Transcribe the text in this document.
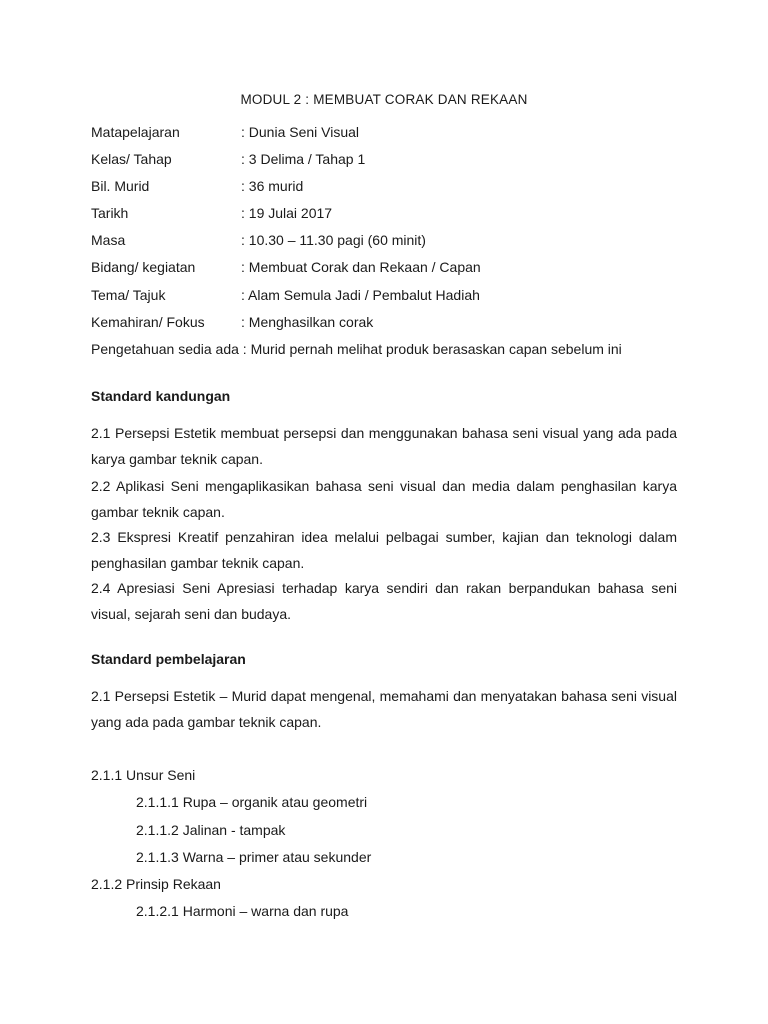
MODUL 2 : MEMBUAT CORAK DAN REKAAN
Matapelajaran	: Dunia Seni Visual
Kelas/ Tahap	: 3 Delima / Tahap 1
Bil. Murid	: 36 murid
Tarikh	: 19 Julai 2017
Masa	: 10.30 – 11.30 pagi (60 minit)
Bidang/ kegiatan	: Membuat Corak dan Rekaan / Capan
Tema/ Tajuk	: Alam Semula Jadi / Pembalut Hadiah
Kemahiran/ Fokus	: Menghasilkan corak
Pengetahuan sedia ada : Murid pernah melihat produk berasaskan capan sebelum ini
Standard kandungan
2.1 Persepsi Estetik membuat persepsi dan menggunakan bahasa seni visual yang ada pada karya gambar teknik capan.
2.2 Aplikasi Seni mengaplikasikan bahasa seni visual dan media dalam penghasilan karya gambar teknik capan.
2.3 Ekspresi Kreatif penzahiran idea melalui pelbagai sumber, kajian dan teknologi dalam penghasilan gambar teknik capan.
2.4 Apresiasi Seni Apresiasi terhadap karya sendiri dan rakan berpandukan bahasa seni visual, sejarah seni dan budaya.
Standard pembelajaran
2.1 Persepsi Estetik – Murid dapat mengenal, memahami dan menyatakan bahasa seni visual yang ada pada gambar teknik capan.
2.1.1 Unsur Seni
2.1.1.1 Rupa – organik atau geometri
2.1.1.2 Jalinan - tampak
2.1.1.3 Warna – primer atau sekunder
2.1.2 Prinsip Rekaan
2.1.2.1 Harmoni – warna dan rupa
